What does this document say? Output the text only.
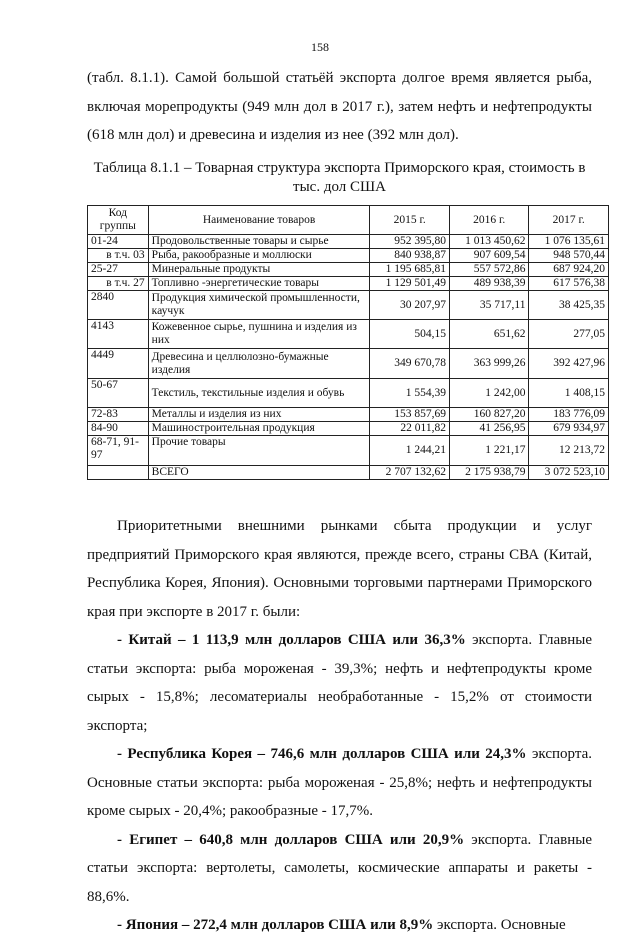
158
(табл. 8.1.1). Самой большой статьёй экспорта долгое время является рыба, включая морепродукты (949 млн дол в 2017 г.), затем нефть и нефтепродукты (618 млн дол) и древесина и изделия из нее (392 млн дол).
Таблица 8.1.1 – Товарная структура экспорта Приморского края, стоимость в тыс. дол США
Код группы	Наименование товаров	2015 г.	2016 г.	2017 г.
01-24	Продовольственные товары и сырье	952 395,80	1 013 450,62	1 076 135,61
в т.ч. 03	Рыба, ракообразные и моллюски	840 938,87	907 609,54	948 570,44
25-27	Минеральные продукты	1 195 685,81	557 572,86	687 924,20
в т.ч. 27	Топливно -энергетические товары	1 129 501,49	489 938,39	617 576,38
2840	Продукция химической промышленности, каучук	30 207,97	35 717,11	38 425,35
4143	Кожевенное сырье, пушнина и изделия из них	504,15	651,62	277,05
4449	Древесина и целлюлозно-бумажные изделия	349 670,78	363 999,26	392 427,96
50-67	Текстиль, текстильные изделия и обувь	1 554,39	1 242,00	1 408,15
72-83	Металлы и изделия из них	153 857,69	160 827,20	183 776,09
84-90	Машиностроительная продукция	22 011,82	41 256,95	679 934,97
68-71, 91-97	Прочие товары	1 244,21	1 221,17	12 213,72
	ВСЕГО	2 707 132,62	2 175 938,79	3 072 523,10
Приоритетными внешними рынками сбыта продукции и услуг предприятий Приморского края являются, прежде всего, страны СВА (Китай, Республика Корея, Япония). Основными торговыми партнерами Приморского края при экспорте в 2017 г. были:
- Китай – 1 113,9 млн долларов США или 36,3% экспорта. Главные статьи экспорта: рыба мороженая - 39,3%; нефть и нефтепродукты кроме сырых - 15,8%; лесоматериалы необработанные - 15,2% от стоимости экспорта;
- Республика Корея – 746,6 млн долларов США или 24,3% экспорта. Основные статьи экспорта: рыба мороженая - 25,8%; нефть и нефтепродукты кроме сырых - 20,4%; ракообразные - 17,7%.
- Египет – 640,8 млн долларов США или 20,9% экспорта. Главные статьи экспорта: вертолеты, самолеты, космические аппараты и ракеты - 88,6%.
- Япония – 272,4 млн долларов США или 8,9% экспорта. Основные
